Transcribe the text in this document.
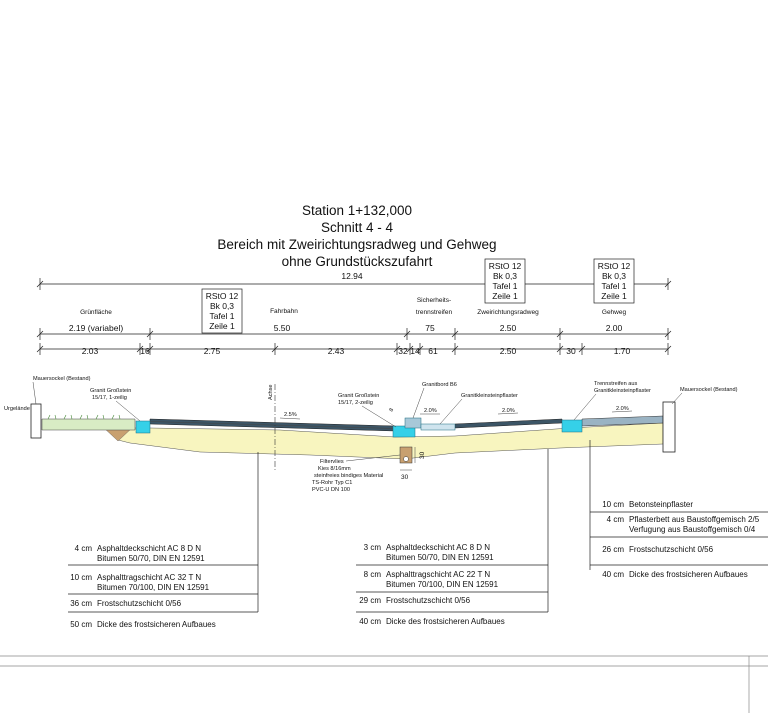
Station 1+132,000
Schnitt 4 - 4
Bereich mit Zweirichtungsradweg und Gehweg
ohne Grundstückszufahrt
12.94
RStO 12
Bk 0,3
Tafel 1
Zeile 1
RStO 12
Bk 0,3
Tafel 1
Zeile 1
RStO 12
Bk 0,3
Tafel 1
Zeile 1
Grünfläche	Fahrbahn
Sicherheits-
trennstreifen	Zweirichtungsradweg	Gehweg
2.19 (variabel)	5.50	75	2.50	2.00
2.03	16	2.75	2.43	32 14 61	2.50	30	1.70
Achse
Mauersockel (Bestand)
Urgelände
Granit Großstein
15/17, 1-zeilig
2.5%
Granit Großstein
15/17, 2-zeilig
Granitbord B6
Granitkleinsteinpflaster
2.0%	2.0%
Trennstreifen aus
Granitkleinsteinpflaster
2.0%
Mauersockel (Bestand)
8
30
30
Filtervlies
Kies 8/16mm
steinfreies bindiges Material
TS-Rohr Typ C1
PVC-U DN 100
4 cm Asphaltdeckschicht AC 8 D N
Bitumen 50/70, DIN EN 12591
10 cm Asphalttragschicht AC 32 T N
Bitumen 70/100, DIN EN 12591
36 cm Frostschutzschicht 0/56
50 cm Dicke des frostsicheren Aufbaues
3 cm Asphaltdeckschicht AC 8 D N
Bitumen 50/70, DIN EN 12591
8 cm Asphalttragschicht AC 22 T N
Bitumen 70/100, DIN EN 12591
29 cm Frostschutzschicht 0/56
40 cm Dicke des frostsicheren Aufbaues
10 cm Betonsteinpflaster
4 cm Pflasterbett aus Baustoffgemisch 2/5
Verfugung aus Baustoffgemisch 0/4
26 cm Frostschutzschicht 0/56
40 cm Dicke des frostsicheren Aufbaues
